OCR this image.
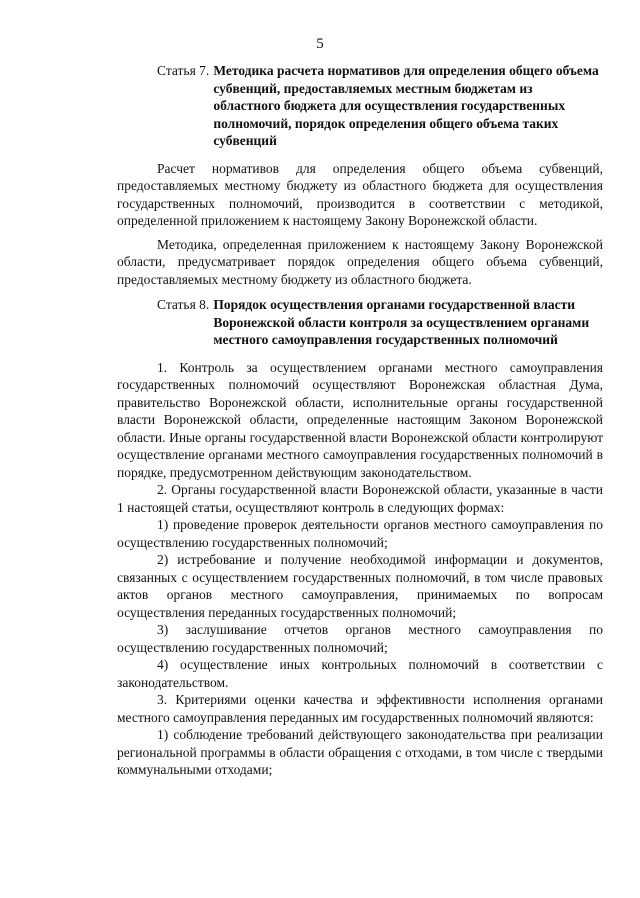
5
Статья 7. Методика расчета нормативов для определения общего объема субвенций, предоставляемых местным бюджетам из областного бюджета для осуществления государственных полномочий, порядок определения общего объема таких субвенций

Расчет нормативов для определения общего объема субвенций, предоставляемых местному бюджету из областного бюджета для осуществления государственных полномочий, производится в соответствии с методикой, определенной приложением к настоящему Закону Воронежской области.

Методика, определенная приложением к настоящему Закону Воронежской области, предусматривает порядок определения общего объема субвенций, предоставляемых местному бюджету из областного бюджета.

Статья 8. Порядок осуществления органами государственной власти Воронежской области контроля за осуществлением органами местного самоуправления государственных полномочий

1. Контроль за осуществлением органами местного самоуправления государственных полномочий осуществляют Воронежская областная Дума, правительство Воронежской области, исполнительные органы государственной власти Воронежской области, определенные настоящим Законом Воронежской области. Иные органы государственной власти Воронежской области контролируют осуществление органами местного самоуправления государственных полномочий в порядке, предусмотренном действующим законодательством.

2. Органы государственной власти Воронежской области, указанные в части 1 настоящей статьи, осуществляют контроль в следующих формах:

1) проведение проверок деятельности органов местного самоуправления по осуществлению государственных полномочий;

2) истребование и получение необходимой информации и документов, связанных с осуществлением государственных полномочий, в том числе правовых актов органов местного самоуправления, принимаемых по вопросам осуществления переданных государственных полномочий;

3) заслушивание отчетов органов местного самоуправления по осуществлению государственных полномочий;

4) осуществление иных контрольных полномочий в соответствии с законодательством.

3. Критериями оценки качества и эффективности исполнения органами местного самоуправления переданных им государственных полномочий являются:

1) соблюдение требований действующего законодательства при реализации региональной программы в области обращения с отходами, в том числе с твердыми коммунальными отходами;
